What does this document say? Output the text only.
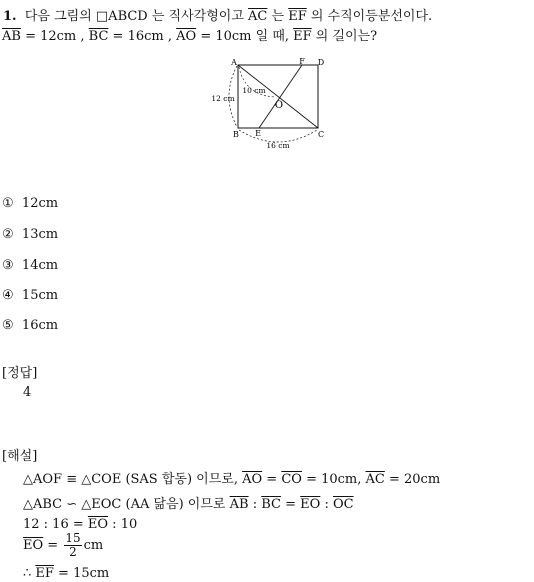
1. 다음 그림의 □ABCD 는 직사각형이고 $\overline{AC}$ 는 $\overline{EF}$ 의 수직이등분선이다.
$\overline{AB} = 12cm$ , $\overline{BC} = 16cm$ , $\overline{AO} = 10cm$ 일 때, $\overline{EF}$ 의 길이는?
A	D
F
B E	C
O
10 cm
12 cm
16 cm
① 12cm
② 13cm
③ 14cm
④ 15cm
⑤ 16cm
[정답]
4
[해설]
△AOF ≡ △COE (SAS 합동) 이므로, $\overline{AO} = \overline{CO} = 10cm$, $\overline{AC} = 20cm$
△ABC ∽ △EOC (AA 닮음) 이므로 $\overline{AB}$ : $\overline{BC} = \overline{EO}$ : $\overline{OC}$
12 : $16 = \overline{EO}$ : 10
$\overline{EO} = \frac{15}{2}$ cm
∴ $\overline{EF} = 15cm$
